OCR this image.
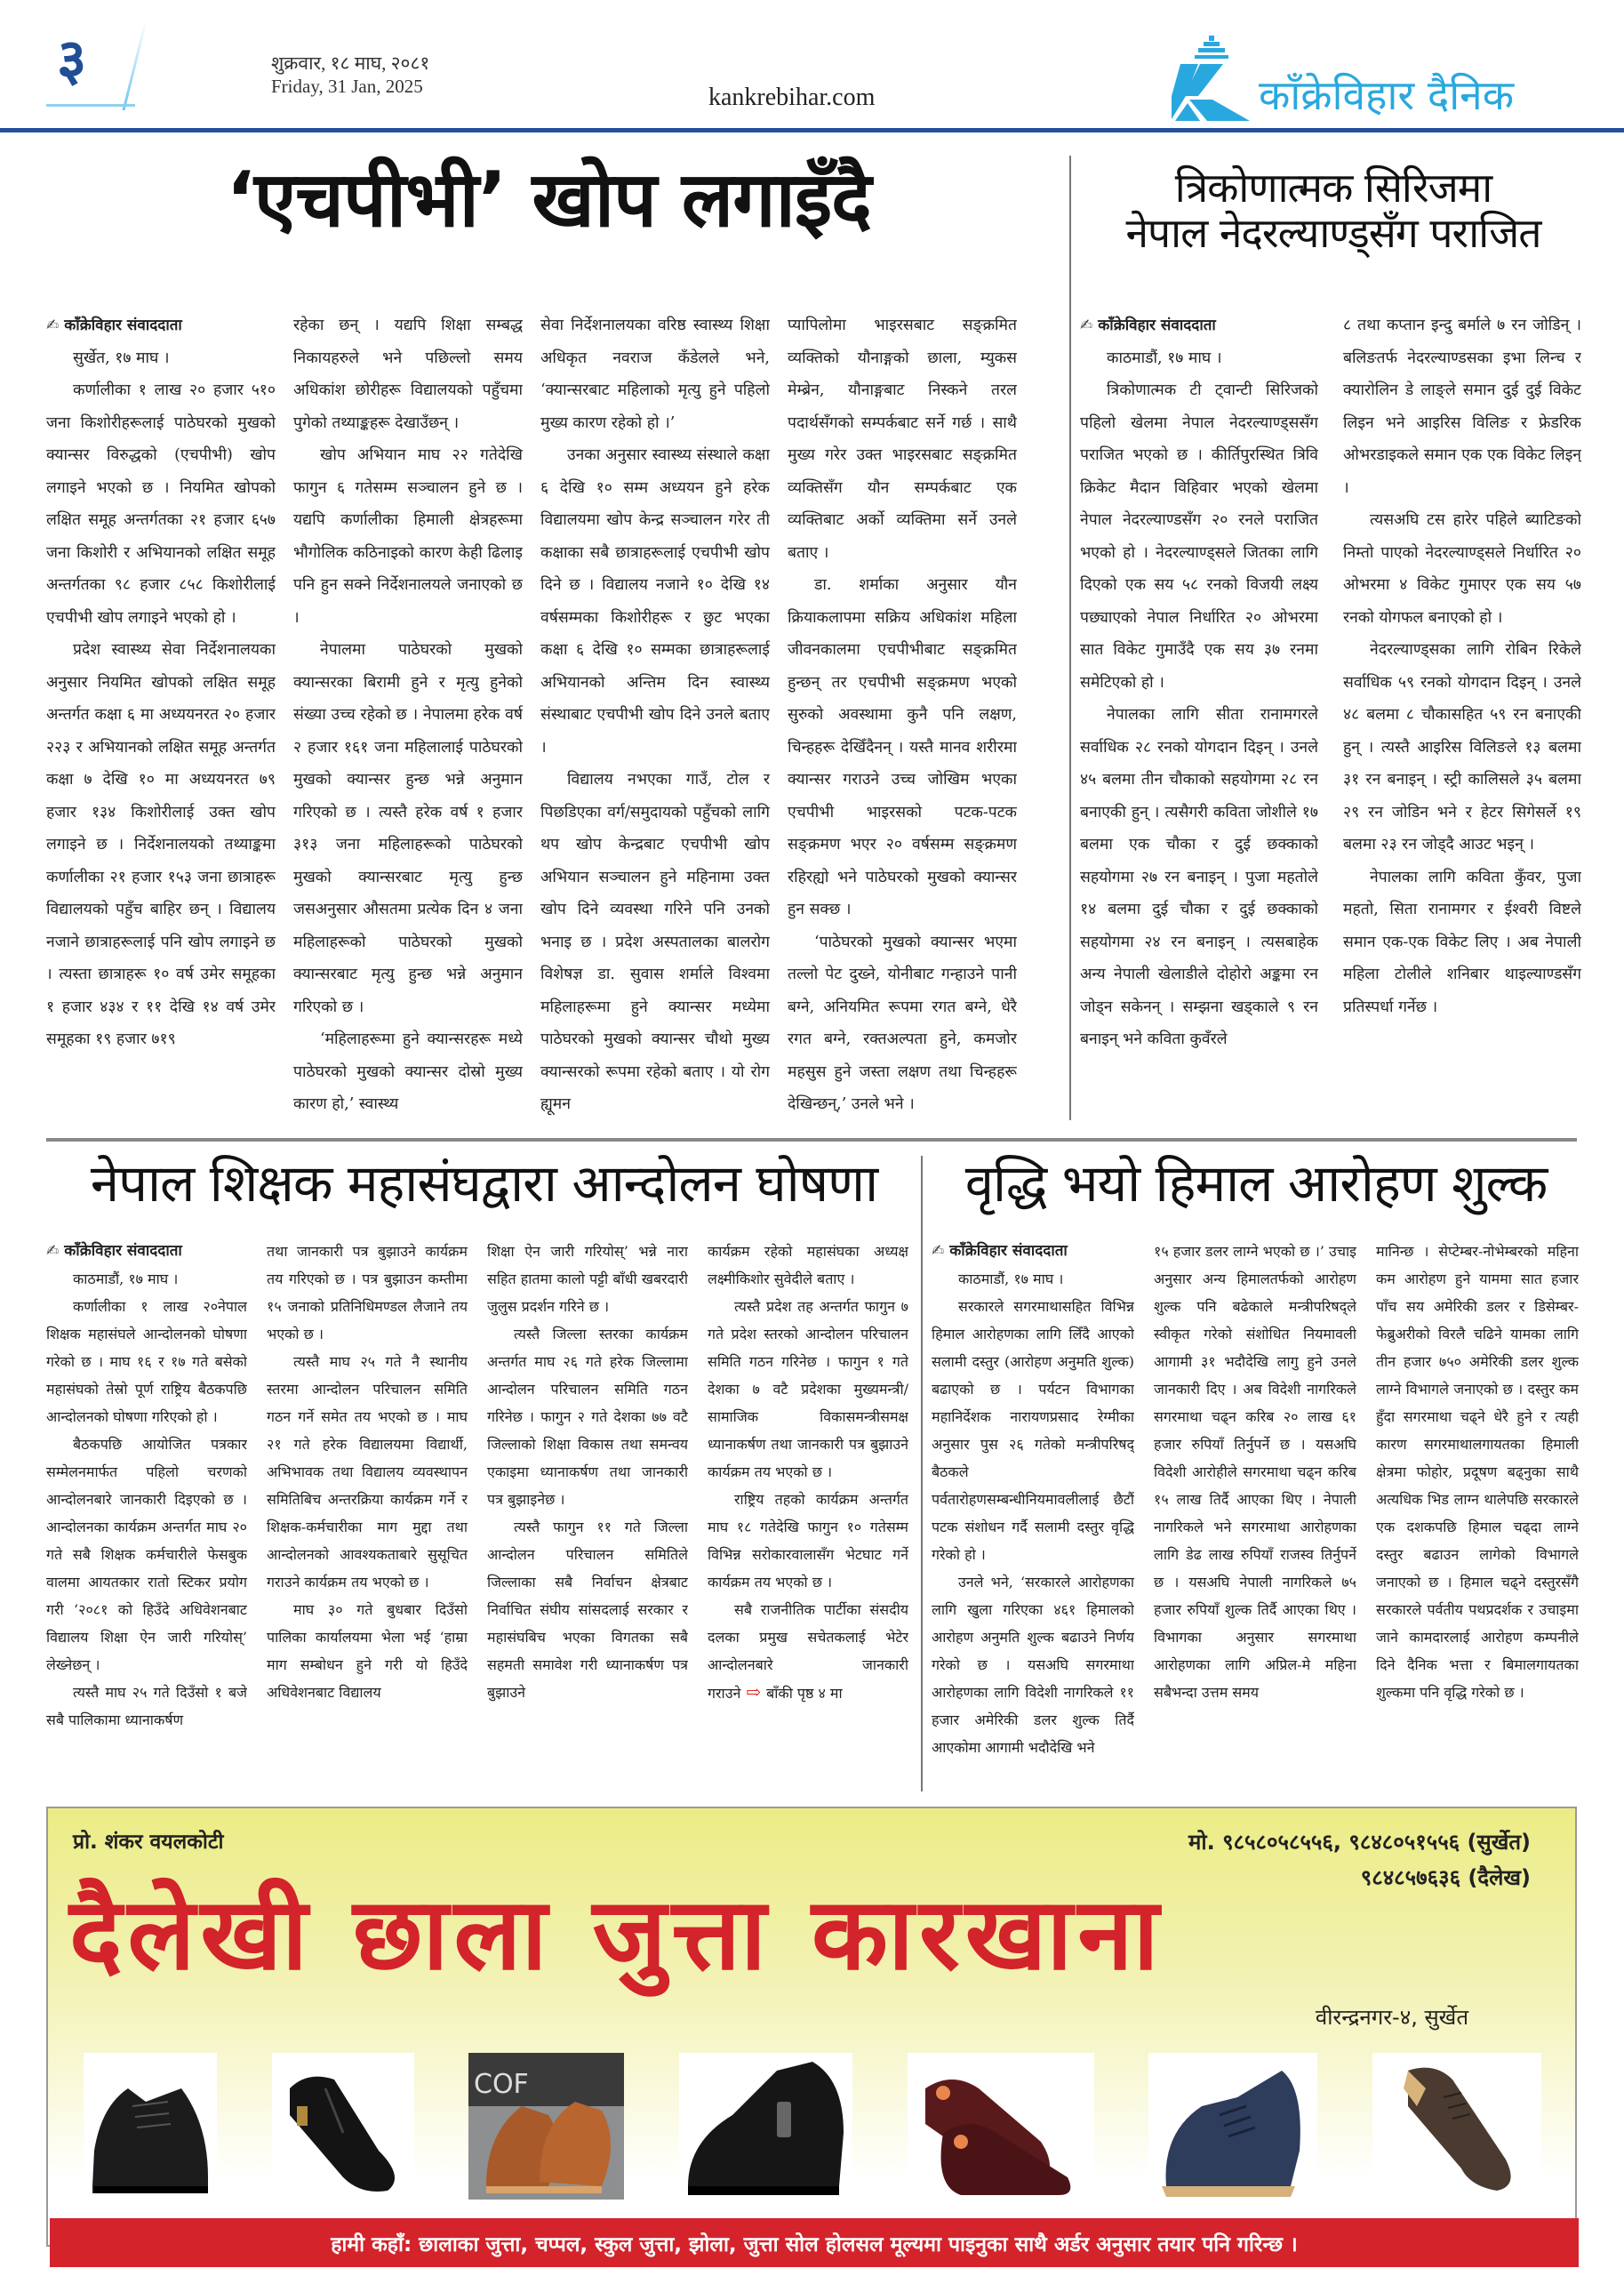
३	शुक्रवार, १८ माघ, २०८१
Friday, 31 Jan, 2025	kankrebihar.com	काँक्रेविहार दैनिक
‘एचपीभी’ खोप लगाइँदै

✍ काँक्रेविहार संवाददाता

सुर्खेत, १७ माघ ।

कर्णालीका १ लाख २० हजार ५१० जना किशोरीहरूलाई पाठेघरको मुखको क्यान्सर विरुद्धको (एचपीभी) खोप लगाइने भएको छ । नियमित खोपको लक्षित समूह अन्तर्गतका २१ हजार ६५७ जना किशोरी र अभियानको लक्षित समूह अन्तर्गतका ९८ हजार ८५८ किशोरीलाई एचपीभी खोप लगाइने भएको हो ।

प्रदेश स्वास्थ्य सेवा निर्देशनालयका अनुसार नियमित खोपको लक्षित समूह अन्तर्गत कक्षा ६ मा अध्ययनरत २० हजार २२३ र अभियानको लक्षित समूह अन्तर्गत कक्षा ७ देखि १० मा अध्ययनरत ७९ हजार १३४ किशोरीलाई उक्त खोप लगाइने छ । निर्देशनालयको तथ्याङ्कमा कर्णालीका २१ हजार १५३ जना छात्राहरू विद्यालयको पहुँच बाहिर छन् । विद्यालय नजाने छात्राहरूलाई पनि खोप लगाइने छ । त्यस्ता छात्राहरू १० वर्ष उमेर समूहका १ हजार ४३४ र ११ देखि १४ वर्ष उमेर समूहका १९ हजार ७१९

रहेका छन् । यद्यपि शिक्षा सम्बद्ध निकायहरुले भने पछिल्लो समय अधिकांश छोरीहरू विद्यालयको पहुँचमा पुगेको तथ्याङ्कहरू देखाउँछन् ।

खोप अभियान माघ २२ गतेदेखि फागुन ६ गतेसम्म सञ्चालन हुने छ । यद्यपि कर्णालीका हिमाली क्षेत्रहरूमा भौगोलिक कठिनाइको कारण केही ढिलाइ पनि हुन सक्ने निर्देशनालयले जनाएको छ ।

नेपालमा पाठेघरको मुखको क्यान्सरका बिरामी हुने र मृत्यु हुनेको संख्या उच्च रहेको छ । नेपालमा हरेक वर्ष २ हजार १६१ जना महिलालाई पाठेघरको मुखको क्यान्सर हुन्छ भन्ने अनुमान गरिएको छ । त्यस्तै हरेक वर्ष १ हजार ३१३ जना महिलाहरूको पाठेघरको मुखको क्यान्सरबाट मृत्यु हुन्छ जसअनुसार औसतमा प्रत्येक दिन ४ जना महिलाहरूको पाठेघरको मुखको क्यान्सरबाट मृत्यु हुन्छ भन्ने अनुमान गरिएको छ ।

‘महिलाहरूमा हुने क्यान्सरहरू मध्ये पाठेघरको मुखको क्यान्सर दोस्रो मुख्य कारण हो,’ स्वास्थ्य

सेवा निर्देशनालयका वरिष्ठ स्वास्थ्य शिक्षा अधिकृत नवराज कँडेलले भने, ‘क्यान्सरबाट महिलाको मृत्यु हुने पहिलो मुख्य कारण रहेको हो ।’

उनका अनुसार स्वास्थ्य संस्थाले कक्षा ६ देखि १० सम्म अध्ययन हुने हरेक विद्यालयमा खोप केन्द्र सञ्चालन गरेर ती कक्षाका सबै छात्राहरूलाई एचपीभी खोप दिने छ । विद्यालय नजाने १० देखि १४ वर्षसम्मका किशोरीहरू र छुट भएका कक्षा ६ देखि १० सम्मका छात्राहरूलाई अभियानको अन्तिम दिन स्वास्थ्य संस्थाबाट एचपीभी खोप दिने उनले बताए ।

विद्यालय नभएका गाउँ, टोल र पिछडिएका वर्ग/समुदायको पहुँचको लागि थप खोप केन्द्रबाट एचपीभी खोप अभियान सञ्चालन हुने महिनामा उक्त खोप दिने व्यवस्था गरिने पनि उनको भनाइ छ । प्रदेश अस्पतालका बालरोग विशेषज्ञ डा. सुवास शर्माले विश्वमा महिलाहरूमा हुने क्यान्सर मध्येमा पाठेघरको मुखको क्यान्सर चौथो मुख्य क्यान्सरको रूपमा रहेको बताए । यो रोग ह्यूमन

प्यापिलोमा भाइरसबाट सङ्क्रमित व्यक्तिको यौनाङ्गको छाला, म्युकस मेम्ब्रेन, यौनाङ्गबाट निस्कने तरल पदार्थसँगको सम्पर्कबाट सर्ने गर्छ । साथै मुख्य गरेर उक्त भाइरसबाट सङ्क्रमित व्यक्तिसँग यौन सम्पर्कबाट एक व्यक्तिबाट अर्को व्यक्तिमा सर्ने उनले बताए ।

डा. शर्माका अनुसार यौन क्रियाकलापमा सक्रिय अधिकांश महिला जीवनकालमा एचपीभीबाट सङ्क्रमित हुन्छन् तर एचपीभी सङ्क्रमण भएको सुरुको अवस्थामा कुनै पनि लक्षण, चिन्हहरू देखिँदैनन् । यस्तै मानव शरीरमा क्यान्सर गराउने उच्च जोखिम भएका एचपीभी भाइरसको पटक-पटक सङ्क्रमण भएर २० वर्षसम्म सङ्क्रमण रहिरह्यो भने पाठेघरको मुखको क्यान्सर हुन सक्छ ।

‘पाठेघरको मुखको क्यान्सर भएमा तल्लो पेट दुख्ने, योनीबाट गन्हाउने पानी बग्ने, अनियमित रूपमा रगत बग्ने, धेरै रगत बग्ने, रक्तअल्पता हुने, कमजोर महसुस हुने जस्ता लक्षण तथा चिन्हहरू देखिन्छन्,’ उनले भने ।

त्रिकोणात्मक सिरिजमा
नेपाल नेदरल्याण्ड्सँग पराजित

✍ काँक्रेविहार संवाददाता

काठमाडौं, १७ माघ ।

त्रिकोणात्मक टी ट्वान्टी सिरिजको पहिलो खेलमा नेपाल नेदरल्याण्ड्ससँग पराजित भएको छ । कीर्तिपुरस्थित त्रिवि क्रिकेट मैदान विहिवार भएको खेलमा नेपाल नेदरल्याण्डसँग २० रनले पराजित भएको हो । नेदरल्याण्ड्सले जितका लागि दिएको एक सय ५८ रनको विजयी लक्ष्य पछ्याएको नेपाल निर्धारित २० ओभरमा सात विकेट गुमाउँदै एक सय ३७ रनमा समेटिएको हो ।

नेपालका लागि सीता रानामगरले सर्वाधिक २८ रनको योगदान दिइन् । उनले ४५ बलमा तीन चौकाको सहयोगमा २८ रन बनाएकी हुन् । त्यसैगरी कविता जोशीले १७ बलमा एक चौका र दुई छक्काको सहयोगमा २७ रन बनाइन् । पुजा महतोले १४ बलमा दुई चौका र दुई छक्काको सहयोगमा २४ रन बनाइन् । त्यसबाहेक अन्य नेपाली खेलाडीले दोहोरो अङ्कमा रन जोड्न सकेनन् । सम्झना खड्काले ९ रन बनाइन् भने कविता कुवँरले

८ तथा कप्तान इन्दु बर्माले ७ रन जोडिन् । बलिङतर्फ नेदरल्याण्डसका इभा लिन्च र क्यारोलिन डे लाङ्ले समान दुई दुई विकेट लिइन भने आइरिस विलिङ र फ्रेडरिक ओभरडाइकले समान एक एक विकेट लिइन् ।

त्यसअघि टस हारेर पहिले ब्याटिङको निम्तो पाएको नेदरल्याण्ड्सले निर्धारित २० ओभरमा ४ विकेट गुमाएर एक सय ५७ रनको योगफल बनाएको हो ।

नेदरल्याण्ड्सका लागि रोबिन रिकेले सर्वाधिक ५९ रनको योगदान दिइन् । उनले ४८ बलमा ८ चौकासहित ५९ रन बनाएकी हुन् । त्यस्तै आइरिस विलिङले १३ बलमा ३१ रन बनाइन् । स्ट्री कालिसले ३५ बलमा २९ रन जोडिन भने र हेटर सिगेसर्ले १९ बलमा २३ रन जोड्दै आउट भइन् ।

नेपालका लागि कविता कुँवर, पुजा महतो, सिता रानामगर र ईश्वरी विष्टले समान एक-एक विकेट लिए । अब नेपाली महिला टोलीले शनिबार थाइल्याण्डसँग प्रतिस्पर्धा गर्नेछ ।

नेपाल शिक्षक महासंघद्वारा आन्दोलन घोषणा

✍ काँक्रेविहार संवाददाता

काठमाडौं, १७ माघ ।

कर्णालीका १ लाख २०नेपाल शिक्षक महासंघले आन्दोलनको घोषणा गरेको छ । माघ १६ र १७ गते बसेको महासंघको तेस्रो पूर्ण राष्ट्रिय बैठकपछि आन्दोलनको घोषणा गरिएको हो ।

बैठकपछि आयोजित पत्रकार सम्मेलनमार्फत पहिलो चरणको आन्दोलनबारे जानकारी दिइएको छ । आन्दोलनका कार्यक्रम अन्तर्गत माघ २० गते सबै शिक्षक कर्मचारीले फेसबुक वालमा आयतकार रातो स्टिकर प्रयोग गरी ‘२०८१ को हिउँदे अधिवेशनबाट विद्यालय शिक्षा ऐन जारी गरियोस्’ लेख्नेछन् ।

त्यस्तै माघ २५ गते दिउँसो १ बजे सबै पालिकामा ध्यानाकर्षण

तथा जानकारी पत्र बुझाउने कार्यक्रम तय गरिएको छ । पत्र बुझाउन कम्तीमा १५ जनाको प्रतिनिधिमण्डल लैजाने तय भएको छ ।

त्यस्तै माघ २५ गते नै स्थानीय स्तरमा आन्दोलन परिचालन समिति गठन गर्ने समेत तय भएको छ । माघ २१ गते हरेक विद्यालयमा विद्यार्थी, अभिभावक तथा विद्यालय व्यवस्थापन समितिबिच अन्तरक्रिया कार्यक्रम गर्ने र शिक्षक-कर्मचारीका माग मुद्दा तथा आन्दोलनको आवश्यकताबारे सुसूचित गराउने कार्यक्रम तय भएको छ ।

माघ ३० गते बुधबार दिउँसो पालिका कार्यालयमा भेला भई ‘हाम्रा माग सम्बोधन हुने गरी यो हिउँदे अधिवेशनबाट विद्यालय

शिक्षा ऐन जारी गरियोस्’ भन्ने नारा सहित हातमा कालो पट्टी बाँधी खबरदारी जुलुस प्रदर्शन गरिने छ ।

त्यस्तै जिल्ला स्तरका कार्यक्रम अन्तर्गत माघ २६ गते हरेक जिल्लामा आन्दोलन परिचालन समिति गठन गरिनेछ । फागुन २ गते देशका ७७ वटै जिल्लाको शिक्षा विकास तथा समन्वय एकाइमा ध्यानाकर्षण तथा जानकारी पत्र बुझाइनेछ ।

त्यस्तै फागुन ११ गते जिल्ला आन्दोलन परिचालन समितिले जिल्लाका सबै निर्वाचन क्षेत्रबाट निर्वाचित संघीय सांसदलाई सरकार र महासंघबिच भएका विगतका सबै सहमती समावेश गरी ध्यानाकर्षण पत्र बुझाउने

कार्यक्रम रहेको महासंघका अध्यक्ष लक्ष्मीकिशोर सुवेदीले बताए ।

त्यस्तै प्रदेश तह अन्तर्गत फागुन ७ गते प्रदेश स्तरको आन्दोलन परिचालन समिति गठन गरिनेछ । फागुन १ गते देशका ७ वटै प्रदेशका मुख्यमन्त्री/सामाजिक विकासमन्त्रीसमक्ष ध्यानाकर्षण तथा जानकारी पत्र बुझाउने कार्यक्रम तय भएको छ ।

राष्ट्रिय तहको कार्यक्रम अन्तर्गत माघ १८ गतेदेखि फागुन १० गतेसम्म विभिन्न सरोकारवालासँग भेटघाट गर्ने कार्यक्रम तय भएको छ ।

सबै राजनीतिक पार्टीका संसदीय दलका प्रमुख सचेतकलाई भेटेर आन्दोलनबारे जानकारी गराउने ⇨ बाँकी पृष्ठ ४ मा

वृद्धि भयो हिमाल आरोहण शुल्क

✍ काँक्रेविहार संवाददाता

काठमाडौं, १७ माघ ।

सरकारले सगरमाथासहित विभिन्न हिमाल आरोहणका लागि लिँदै आएको सलामी दस्तुर (आरोहण अनुमति शुल्क) बढाएको छ । पर्यटन विभागका महानिर्देशक नारायणप्रसाद रेग्मीका अनुसार पुस २६ गतेको मन्त्रीपरिषद् बैठकले पर्वतारोहणसम्बन्धीनियमावलीलाई छैटौं पटक संशोधन गर्दै सलामी दस्तुर वृद्धि गरेको हो ।

उनले भने, ‘सरकारले आरोहणका लागि खुला गरिएका ४६१ हिमालको आरोहण अनुमति शुल्क बढाउने निर्णय गरेको छ । यसअघि सगरमाथा आरोहणका लागि विदेशी नागरिकले ११ हजार अमेरिकी डलर शुल्क तिर्दै आएकोमा आगामी भदौदेखि भने

१५ हजार डलर लाग्ने भएको छ ।’ उचाइ अनुसार अन्य हिमालतर्फको आरोहण शुल्क पनि बढेकाले मन्त्रीपरिषद्ले स्वीकृत गरेको संशोधित नियमावली आगामी ३१ भदौदेखि लागु हुने उनले जानकारी दिए । अब विदेशी नागरिकले सगरमाथा चढ्न करिब २० लाख ६१ हजार रुपियाँ तिर्नुपर्ने छ । यसअघि विदेशी आरोहीले सगरमाथा चढ्न करिब १५ लाख तिर्दै आएका थिए । नेपाली नागरिकले भने सगरमाथा आरोहणका लागि डेढ लाख रुपियाँ राजस्व तिर्नुपर्ने छ । यसअघि नेपाली नागरिकले ७५ हजार रुपियाँ शुल्क तिर्दै आएका थिए । विभागका अनुसार सगरमाथा आरोहणका लागि अप्रिल-मे महिना सबैभन्दा उत्तम समय

मानिन्छ । सेप्टेम्बर-नोभेम्बरको महिना कम आरोहण हुने याममा सात हजार पाँच सय अमेरिकी डलर र डिसेम्बर-फेब्रुअरीको विरलै चढिने यामका लागि तीन हजार ७५० अमेरिकी डलर शुल्क लाग्ने विभागले जनाएको छ । दस्तुर कम हुँदा सगरमाथा चढ्ने धेरै हुने र त्यही कारण सगरमाथालगायतका हिमाली क्षेत्रमा फोहोर, प्रदूषण बढ्नुका साथै अत्यधिक भिड लाग्न थालेपछि सरकारले एक दशकपछि हिमाल चढ्दा लाग्ने दस्तुर बढाउन लागेको विभागले जनाएको छ । हिमाल चढ्ने दस्तुरसँगै सरकारले पर्वतीय पथप्रदर्शक र उचाइमा जाने कामदारलाई आरोहण कम्पनीले दिने दैनिक भत्ता र बिमालगायतका शुल्कमा पनि वृद्धि गरेको छ ।

प्रो. शंकर वयलकोटी	मो. ९८५८०५८५५६, ९८४८०५१५५६ (सुर्खेत)
९८४८५७६३६ (दैलेख)
दैलेखी छाला जुत्ता कारखाना
वीरन्द्रनगर-४, सुर्खेत
COF
हामी कहाँ: छालाका जुत्ता, चप्पल, स्कुल जुत्ता, झोला, जुत्ता सोल होलसल मूल्यमा पाइनुका साथै अर्डर अनुसार तयार पनि गरिन्छ ।
